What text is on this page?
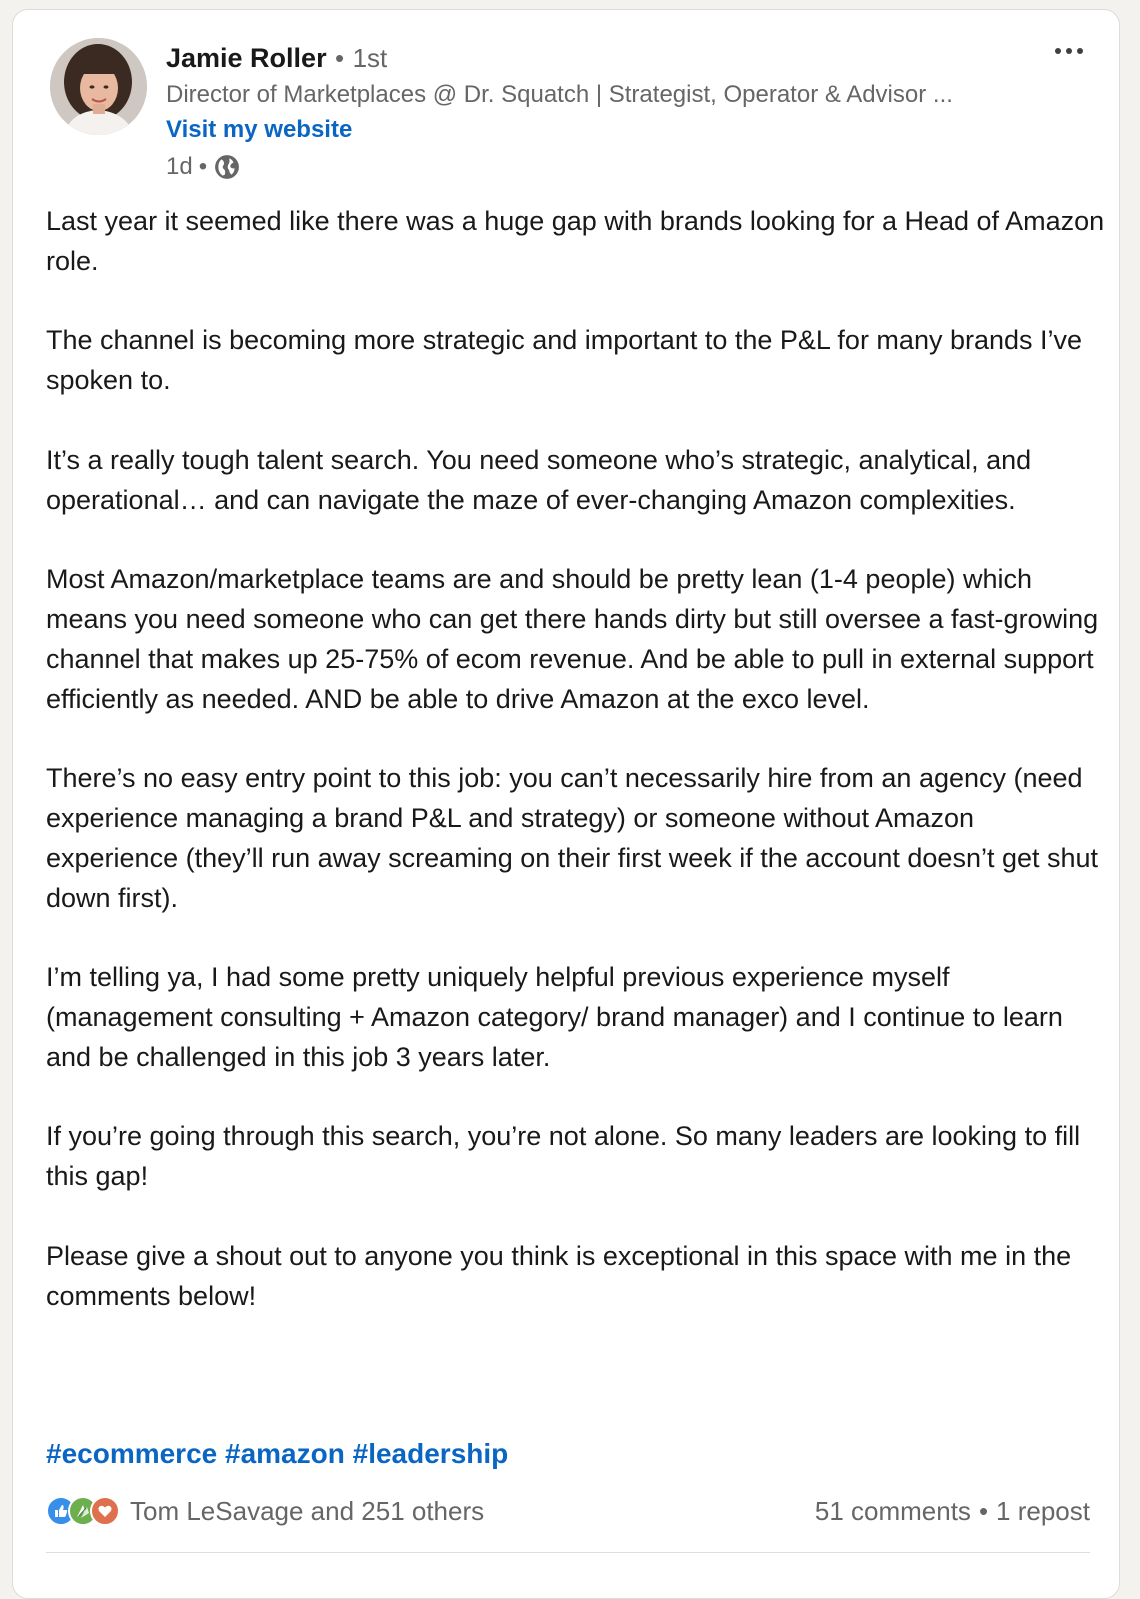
Jamie Roller • 1st
Director of Marketplaces @ Dr. Squatch | Strategist, Operator & Advisor ...
Visit my website
1d •

Last year it seemed like there was a huge gap with brands looking for a Head of Amazon role.

The channel is becoming more strategic and important to the P&L for many brands I’ve spoken to.

It’s a really tough talent search. You need someone who’s strategic, analytical, and operational… and can navigate the maze of ever-changing Amazon complexities.

Most Amazon/marketplace teams are and should be pretty lean (1-4 people) which means you need someone who can get there hands dirty but still oversee a fast-growing channel that makes up 25-75% of ecom revenue. And be able to pull in external support efficiently as needed. AND be able to drive Amazon at the exco level.

There’s no easy entry point to this job: you can’t necessarily hire from an agency (need experience managing a brand P&L and strategy) or someone without Amazon experience (they’ll run away screaming on their first week if the account doesn’t get shut down first).

I’m telling ya, I had some pretty uniquely helpful previous experience myself (management consulting + Amazon category/ brand manager) and I continue to learn and be challenged in this job 3 years later.

If you’re going through this search, you’re not alone. So many leaders are looking to fill this gap!

Please give a shout out to anyone you think is exceptional in this space with me in the comments below!

#ecommerce #amazon #leadership
Tom LeSavage and 251 others	51 comments • 1 repost
